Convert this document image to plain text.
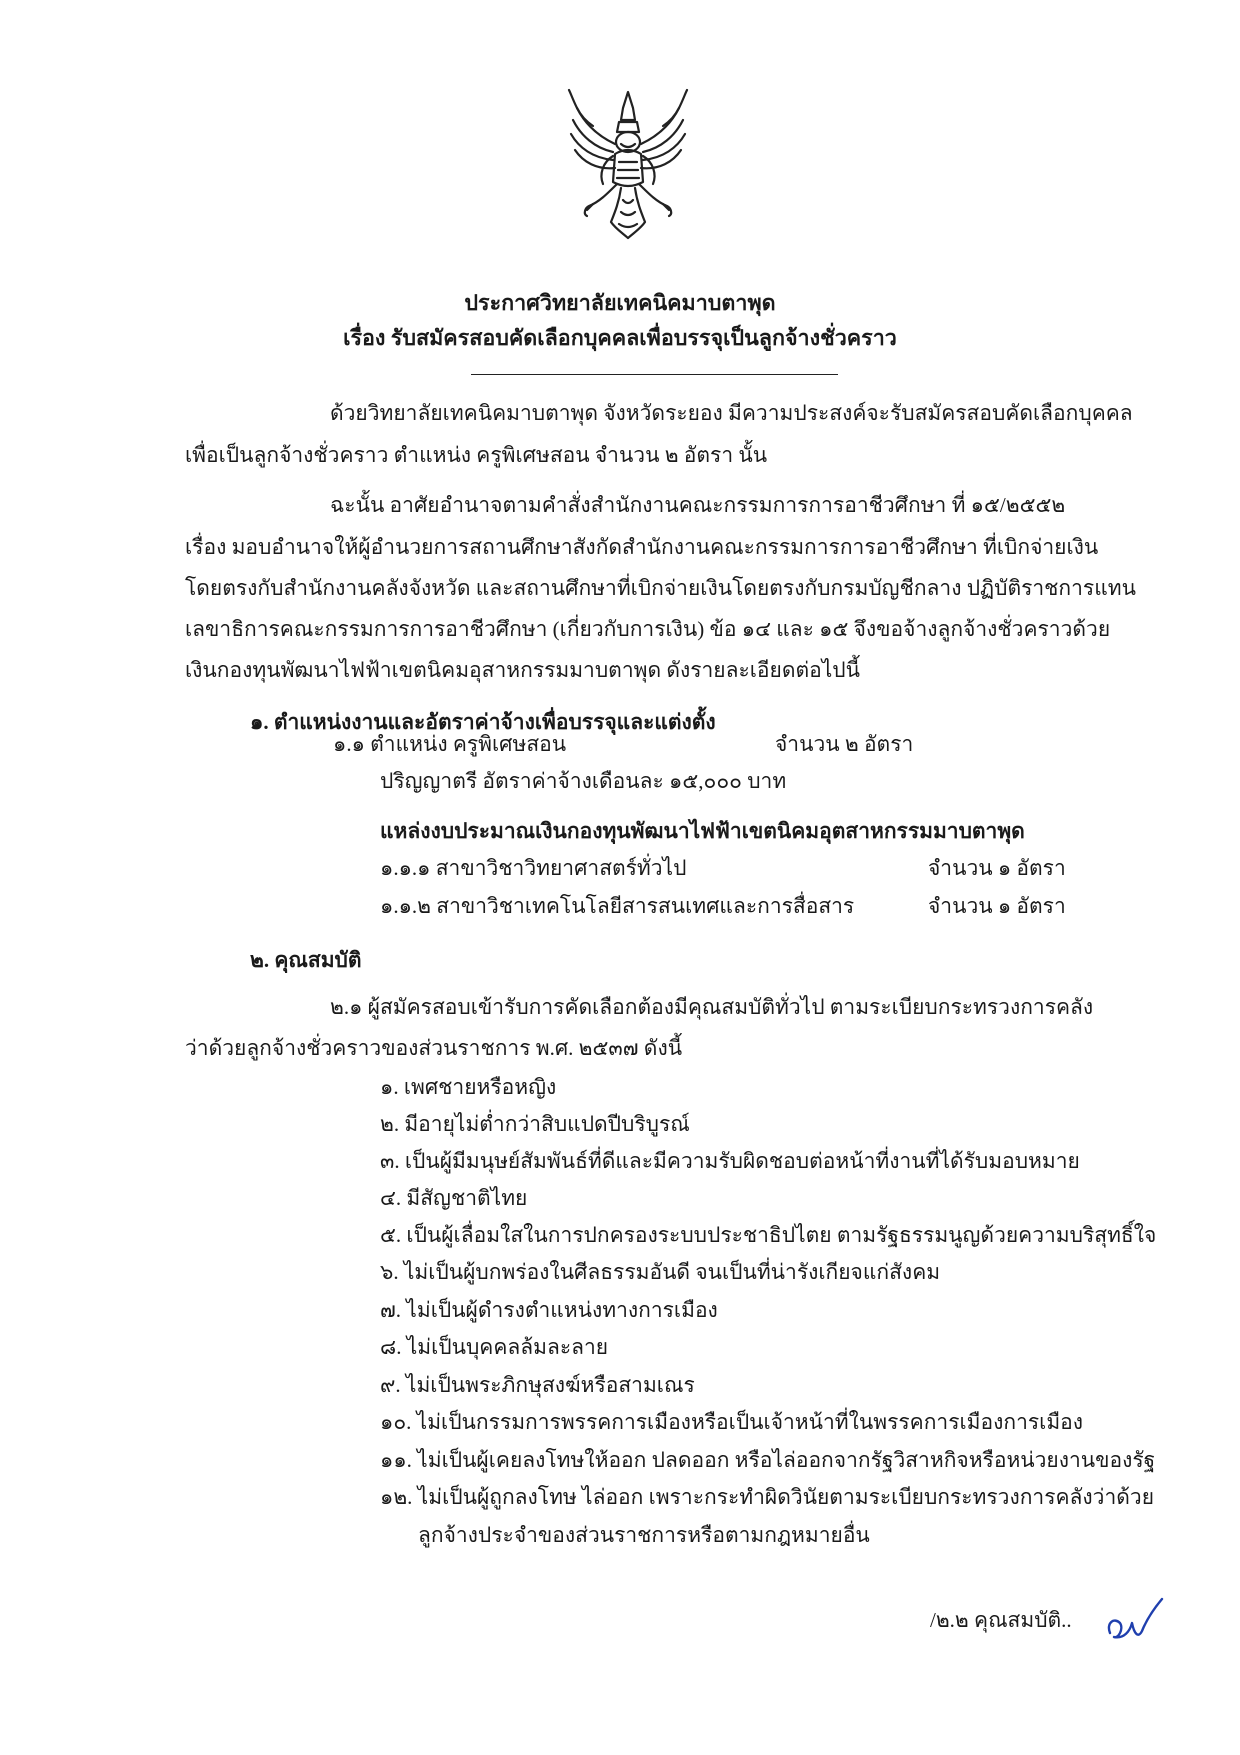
ประกาศวิทยาลัยเทคนิคมาบตาพุด
เรื่อง รับสมัครสอบคัดเลือกบุคคลเพื่อบรรจุเป็นลูกจ้างชั่วคราว
ด้วยวิทยาลัยเทคนิคมาบตาพุด จังหวัดระยอง มีความประสงค์จะรับสมัครสอบคัดเลือกบุคคล
เพื่อเป็นลูกจ้างชั่วคราว ตำแหน่ง ครูพิเศษสอน จำนวน ๒ อัตรา นั้น
ฉะนั้น อาศัยอำนาจตามคำสั่งสำนักงานคณะกรรมการการอาชีวศึกษา ที่ ๑๕/๒๕๕๒
เรื่อง มอบอำนาจให้ผู้อำนวยการสถานศึกษาสังกัดสำนักงานคณะกรรมการการอาชีวศึกษา ที่เบิกจ่ายเงิน
โดยตรงกับสำนักงานคลังจังหวัด และสถานศึกษาที่เบิกจ่ายเงินโดยตรงกับกรมบัญชีกลาง ปฏิบัติราชการแทน
เลขาธิการคณะกรรมการการอาชีวศึกษา (เกี่ยวกับการเงิน) ข้อ ๑๔ และ ๑๕ จึงขอจ้างลูกจ้างชั่วคราวด้วย
เงินกองทุนพัฒนาไฟฟ้าเขตนิคมอุสาหกรรมมาบตาพุด ดังรายละเอียดต่อไปนี้
๑. ตำแหน่งงานและอัตราค่าจ้างเพื่อบรรจุและแต่งตั้ง
๑.๑ ตำแหน่ง ครูพิเศษสอน	จำนวน ๒ อัตรา
ปริญญาตรี อัตราค่าจ้างเดือนละ ๑๕,๐๐๐ บาท
แหล่งงบประมาณเงินกองทุนพัฒนาไฟฟ้าเขตนิคมอุตสาหกรรมมาบตาพุด
๑.๑.๑ สาขาวิชาวิทยาศาสตร์ทั่วไป	จำนวน ๑ อัตรา
๑.๑.๒ สาขาวิชาเทคโนโลยีสารสนเทศและการสื่อสาร	จำนวน ๑ อัตรา
๒. คุณสมบัติ
๒.๑ ผู้สมัครสอบเข้ารับการคัดเลือกต้องมีคุณสมบัติทั่วไป ตามระเบียบกระทรวงการคลัง
ว่าด้วยลูกจ้างชั่วคราวของส่วนราชการ พ.ศ. ๒๕๓๗ ดังนี้
๑. เพศชายหรือหญิง
๒. มีอายุไม่ต่ำกว่าสิบแปดปีบริบูรณ์
๓. เป็นผู้มีมนุษย์สัมพันธ์ที่ดีและมีความรับผิดชอบต่อหน้าที่งานที่ได้รับมอบหมาย
๔. มีสัญชาติไทย
๕. เป็นผู้เลื่อมใสในการปกครองระบบประชาธิปไตย ตามรัฐธรรมนูญด้วยความบริสุทธิ์ใจ
๖. ไม่เป็นผู้บกพร่องในศีลธรรมอันดี จนเป็นที่น่ารังเกียจแก่สังคม
๗. ไม่เป็นผู้ดำรงตำแหน่งทางการเมือง
๘. ไม่เป็นบุคคลล้มละลาย
๙. ไม่เป็นพระภิกษุสงฆ์หรือสามเณร
๑๐. ไม่เป็นกรรมการพรรคการเมืองหรือเป็นเจ้าหน้าที่ในพรรคการเมืองการเมือง
๑๑. ไม่เป็นผู้เคยลงโทษให้ออก ปลดออก หรือไล่ออกจากรัฐวิสาหกิจหรือหน่วยงานของรัฐ
๑๒. ไม่เป็นผู้ถูกลงโทษ ไล่ออก เพราะกระทำผิดวินัยตามระเบียบกระทรวงการคลังว่าด้วย
ลูกจ้างประจำของส่วนราชการหรือตามกฎหมายอื่น
/๒.๒ คุณสมบัติ..
